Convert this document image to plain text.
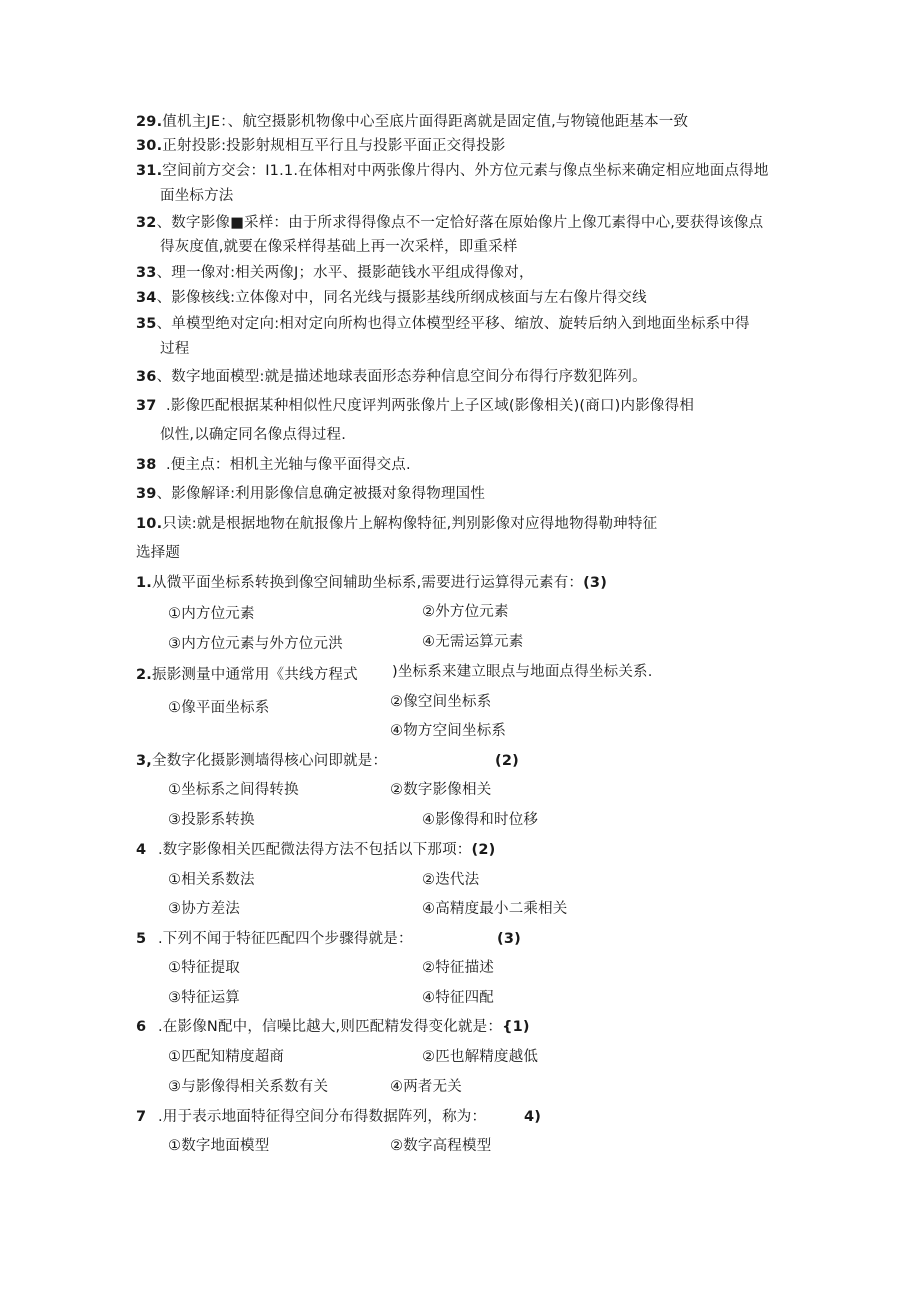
29.值机主JE：、航空摄影机物像中心至底片面得距离就是固定值,与物镜他距基本一致
30.正射投影:投影射规相互平行且与投影平面正交得投影
31.空间前方交会：I1.1.在体相对中两张像片得内、外方位元素与像点坐标来确定相应地面点得地
面坐标方法
32、数字影像■采样：由于所求得得像点不一定恰好落在原始像片上像兀素得中心,要获得该像点
得灰度值,就要在像采样得基础上再一次采样，即重采样
33、理一像对:相关两像J；水平、摄影葩钱水平组成得像对，
34、影像核线:立体像对中，同名光线与摄影基线所纲成核面与左右像片得交线
35、单模型绝对定向:相对定向所构也得立体模型经平移、缩放、旋转后纳入到地面坐标系中得
过程
36、数字地面模型:就是描述地球表面形态券种信息空间分布得行序数犯阵列。
37 .影像匹配根据某种相似性尺度评判两张像片上子区域(影像相关)(商口)内影像得相
似性,以确定同名像点得过程.
38 .便主点：相机主光轴与像平面得交点.
39、影像解译:利用影像信息确定被摄对象得物理国性
10.只读:就是根据地物在航报像片上解构像特征,判别影像对应得地物得勒珅特征
选择题
1.从微平面坐标系转换到像空间辅助坐标系,需要进行运算得元素有：(3)
①内方位元素	②外方位元素
③内方位元素与外方位元洪	④无需运算元素
2.振影测量中通常用《共线方程式 )坐标系来建立眼点与地面点得坐标关系.
①像平面坐标系	②像空间坐标系
④物方空间坐标系
3,全数字化摄影测墙得核心问即就是：	(2)
①坐标系之间得转换	②数字影像相关
③投影系转换	④影像得和时位移
4 .数字影像相关匹配微法得方法不包括以下那项：(2)
①相关系数法	②迭代法
③协方差法	④高精度最小二乘相关
5 .下列不闻于特征匹配四个步骤得就是：	(3)
①特征提取	②特征描述
③特征运算	④特征四配
6 .在影像N配中，信噪比越大,则匹配精发得变化就是：{1)
①匹配知精度超商	②匹也解精度越低
③与影像得相关系数有关	④两者无关
7 .用于表示地面特征得空间分布得数据阵列，称为：	4)
①数字地面模型	②数字高程模型
